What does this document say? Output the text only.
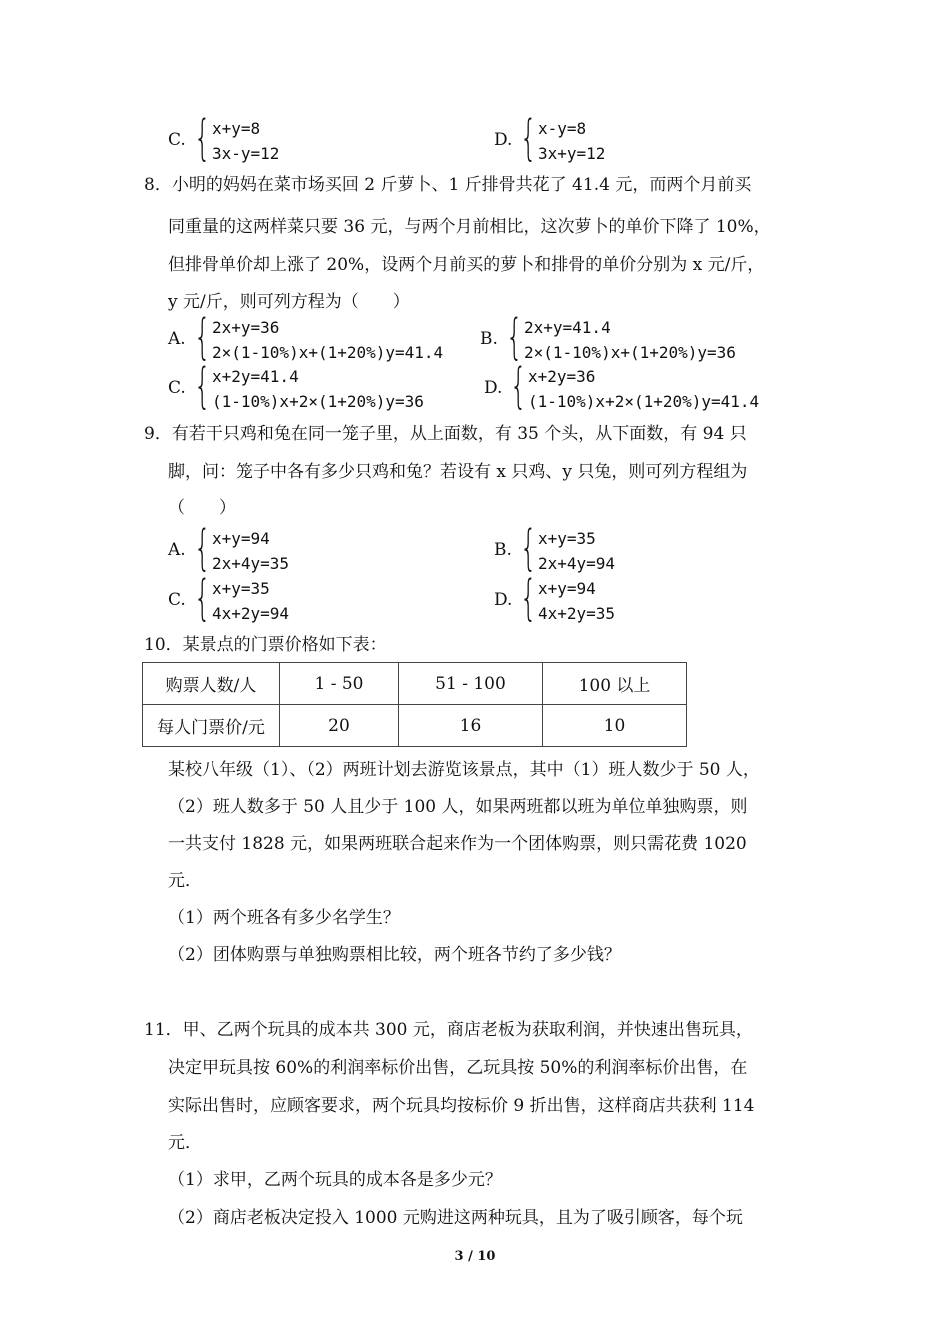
C. { x+y=8
3x-y=12
D. { x-y=8
3x+y=12
8．小明的妈妈在菜市场买回 2 斤萝卜、1 斤排骨共花了 41.4 元，而两个月前买
同重量的这两样菜只要 36 元，与两个月前相比，这次萝卜的单价下降了 10%，
但排骨单价却上涨了 20%，设两个月前买的萝卜和排骨的单价分别为 x 元/斤，
y 元/斤，则可列方程为（　　）
A. { 2x+y=36
2×(1-10%)x+(1+20%)y=41.4
B. { 2x+y=41.4
2×(1-10%)x+(1+20%)y=36
C. { x+2y=41.4
(1-10%)x+2×(1+20%)y=36
D. { x+2y=36
(1-10%)x+2×(1+20%)y=41.4
9．有若干只鸡和兔在同一笼子里，从上面数，有 35 个头，从下面数，有 94 只
脚，问：笼子中各有多少只鸡和兔？若设有 x 只鸡、y 只兔，则可列方程组为
（　　）
A. { x+y=94
2x+4y=35
B. { x+y=35
2x+4y=94
C. { x+y=35
4x+2y=94
D. { x+y=94
4x+2y=35
10．某景点的门票价格如下表：
购票人数/人	1 - 50	51 - 100	100 以上
每人门票价/元	20	16	10
某校八年级（1）、（2）两班计划去游览该景点，其中（1）班人数少于 50 人，
（2）班人数多于 50 人且少于 100 人，如果两班都以班为单位单独购票，则
一共支付 1828 元，如果两班联合起来作为一个团体购票，则只需花费 1020
元．
（1）两个班各有多少名学生？
（2）团体购票与单独购票相比较，两个班各节约了多少钱？
11．甲、乙两个玩具的成本共 300 元，商店老板为获取利润，并快速出售玩具，
决定甲玩具按 60%的利润率标价出售，乙玩具按 50%的利润率标价出售，在
实际出售时，应顾客要求，两个玩具均按标价 9 折出售，这样商店共获利 114
元．
（1）求甲，乙两个玩具的成本各是多少元？
（2）商店老板决定投入 1000 元购进这两种玩具，且为了吸引顾客，每个玩
3 / 10
